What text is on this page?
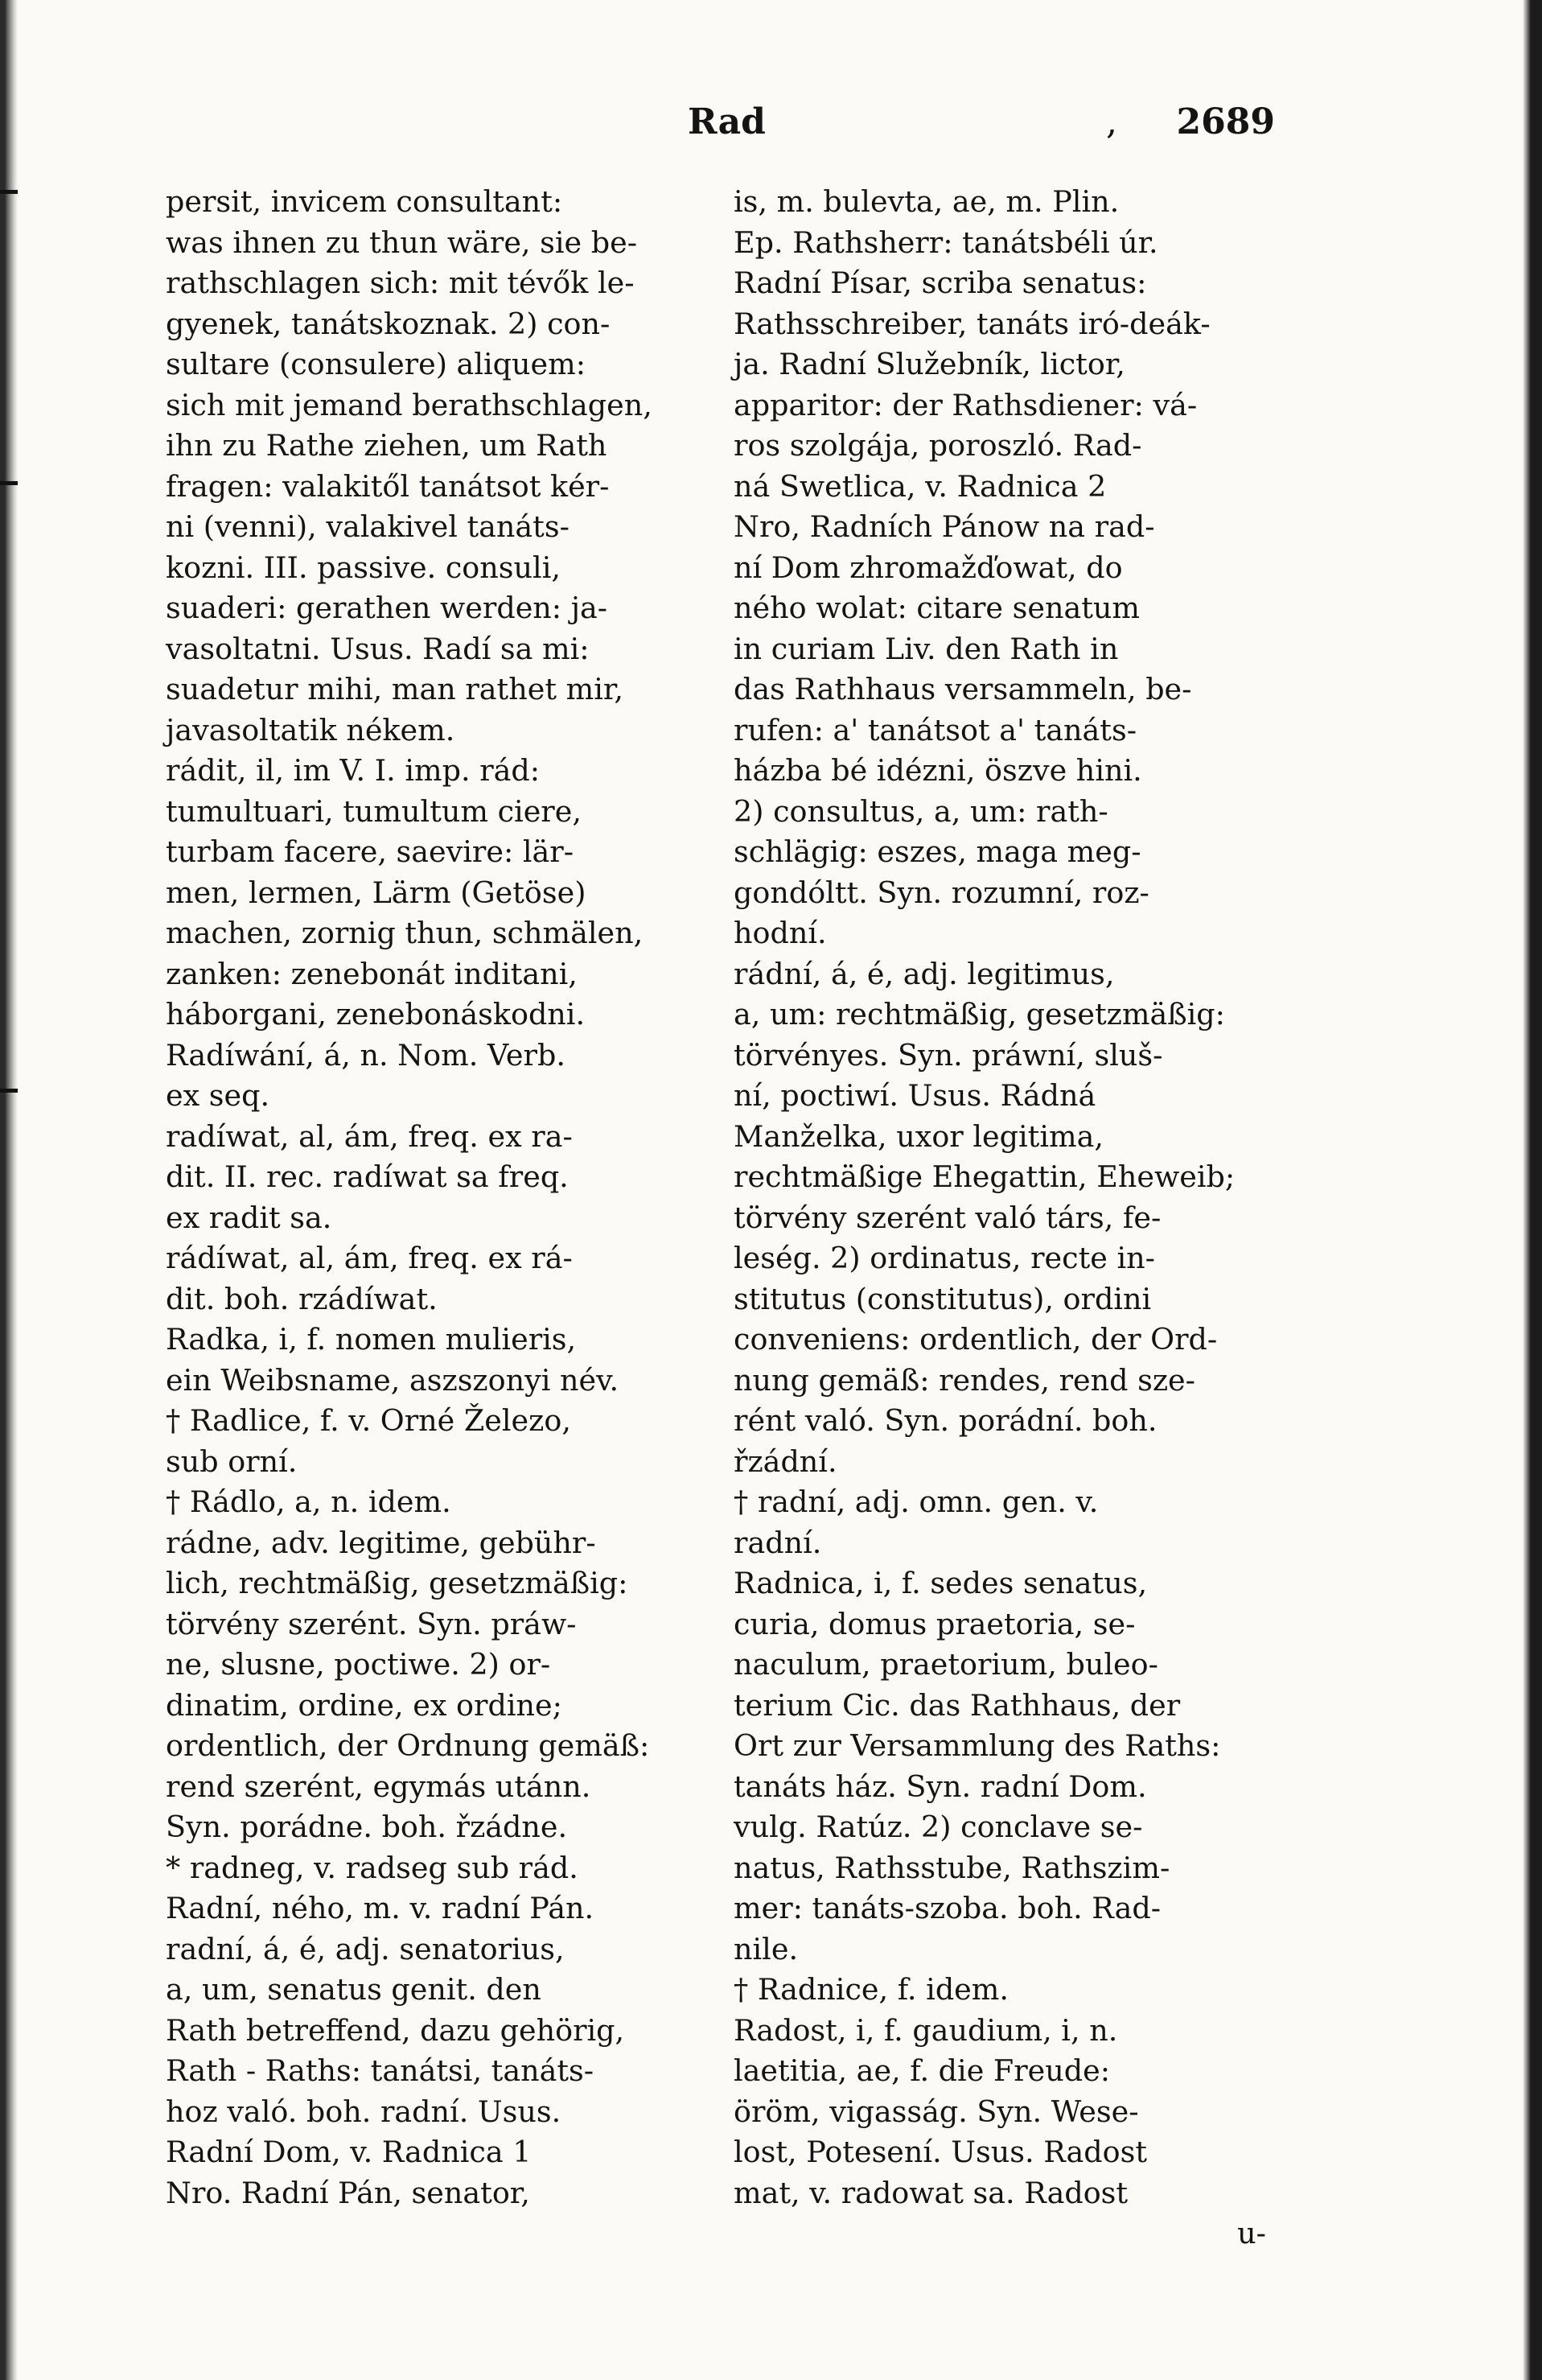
Rad	, 2689
persit, invicem consultant:
was ihnen zu thun wäre, sie be-
rathschlagen sich: mit tévők le-
gyenek, tanátskoznak. 2) con-
sultare (consulere) aliquem:
sich mit jemand berathschlagen,
ihn zu Rathe ziehen, um Rath
fragen: valakitől tanátsot kér-
ni (venni), valakivel tanáts-
kozni. III. passive. consuli,
suaderi: gerathen werden: ja-
vasoltatni. Usus. Radí sa mi:
suadetur mihi, man rathet mir,
javasoltatik nékem.
rádit, il, im V. I. imp. rád:
tumultuari, tumultum ciere,
turbam facere, saevire: lär-
men, lermen, Lärm (Getöse)
machen, zornig thun, schmälen,
zanken: zenebonát inditani,
háborgani, zenebonáskodni.
Radíwání, á, n. Nom. Verb.
ex seq.
radíwat, al, ám, freq. ex ra-
dit. II. rec. radíwat sa freq.
ex radit sa.
rádíwat, al, ám, freq. ex rá-
dit. boh. rzádíwat.
Radka, i, f. nomen mulieris,
ein Weibsname, aszszonyi név.
† Radlice, f. v. Orné Železo,
sub orní.
† Rádlo, a, n. idem.
rádne, adv. legitime, gebühr-
lich, rechtmäßig, gesetzmäßig:
törvény szerént. Syn. práw-
ne, slusne, poctiwe. 2) or-
dinatim, ordine, ex ordine;
ordentlich, der Ordnung gemäß:
rend szerént, egymás utánn.
Syn. porádne. boh. řzádne.
* radneg, v. radseg sub rád.
Radní, ného, m. v. radní Pán.
radní, á, é, adj. senatorius,
a, um, senatus genit. den
Rath betreffend, dazu gehörig,
Rath - Raths: tanátsi, tanáts-
hoz való. boh. radní. Usus.
Radní Dom, v. Radnica 1
Nro. Radní Pán, senator,
is, m. bulevta, ae, m. Plin.
Ep. Rathsherr: tanátsbéli úr.
Radní Písar, scriba senatus:
Rathsschreiber, tanáts iró-deák-
ja. Radní Služebník, lictor,
apparitor: der Rathsdiener: vá-
ros szolgája, poroszló. Rad-
ná Swetlica, v. Radnica 2
Nro, Radních Pánow na rad-
ní Dom zhromažďowat, do
ného wolat: citare senatum
in curiam Liv. den Rath in
das Rathhaus versammeln, be-
rufen: a' tanátsot a' tanáts-
házba bé idézni, öszve hini.
2) consultus, a, um: rath-
schlägig: eszes, maga meg-
gondóltt. Syn. rozumní, roz-
hodní.
rádní, á, é, adj. legitimus,
a, um: rechtmäßig, gesetzmäßig:
törvényes. Syn. práwní, sluš-
ní, poctiwí. Usus. Rádná
Manželka, uxor legitima,
rechtmäßige Ehegattin, Eheweib;
törvény szerént való társ, fe-
leség. 2) ordinatus, recte in-
stitutus (constitutus), ordini
conveniens: ordentlich, der Ord-
nung gemäß: rendes, rend sze-
rént való. Syn. porádní. boh.
řzádní.
† radní, adj. omn. gen. v.
radní.
Radnica, i, f. sedes senatus,
curia, domus praetoria, se-
naculum, praetorium, buleo-
terium Cic. das Rathhaus, der
Ort zur Versammlung des Raths:
tanáts ház. Syn. radní Dom.
vulg. Ratúz. 2) conclave se-
natus, Rathsstube, Rathszim-
mer: tanáts-szoba. boh. Rad-
nile.
† Radnice, f. idem.
Radost, i, f. gaudium, i, n.
laetitia, ae, f. die Freude:
öröm, vigasság. Syn. Wese-
lost, Potesení. Usus. Radost
mat, v. radowat sa. Radost
u-
